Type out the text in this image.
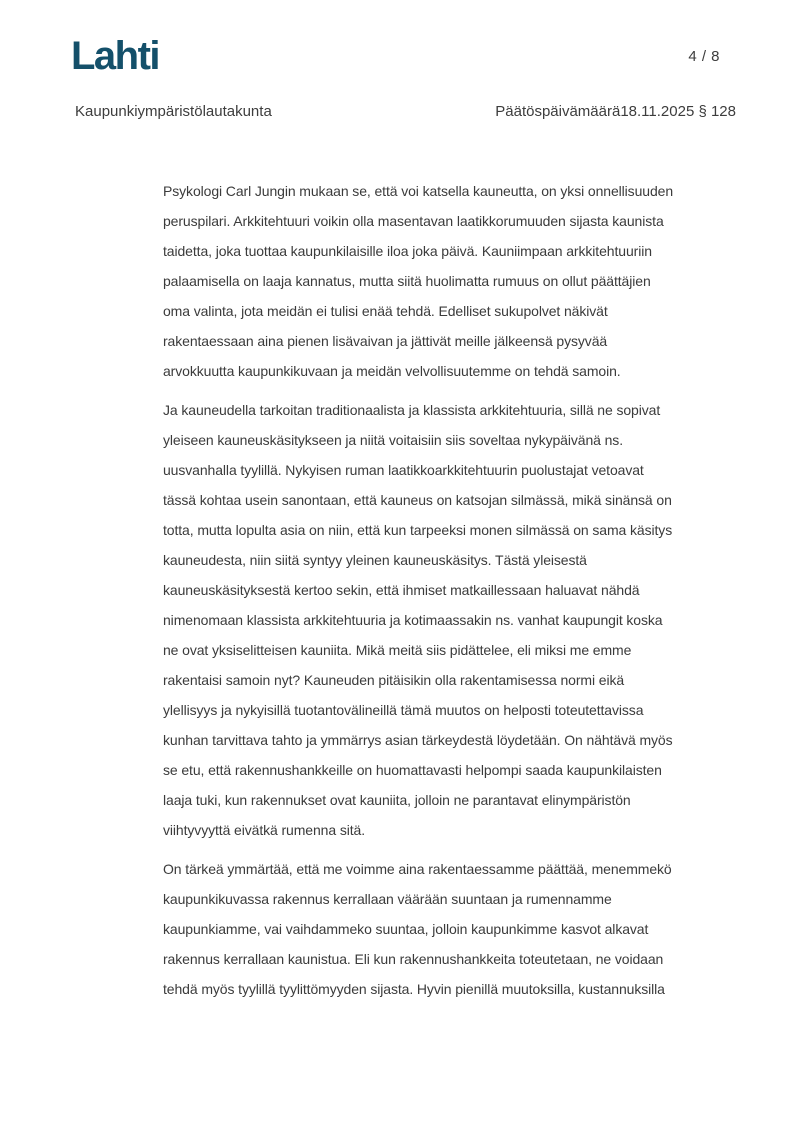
Lahti	4 / 8
Kaupunkiympäristölautakunta	Päätöspäivämäärä18.11.2025 § 128
Psykologi Carl Jungin mukaan se, että voi katsella kauneutta, on yksi onnellisuuden
peruspilari. Arkkitehtuuri voikin olla masentavan laatikkorumuuden sijasta kaunista
taidetta, joka tuottaa kaupunkilaisille iloa joka päivä. Kauniimpaan arkkitehtuuriin
palaamisella on laaja kannatus, mutta siitä huolimatta rumuus on ollut päättäjien
oma valinta, jota meidän ei tulisi enää tehdä. Edelliset sukupolvet näkivät
rakentaessaan aina pienen lisävaivan ja jättivät meille jälkeensä pysyvää
arvokkuutta kaupunkikuvaan ja meidän velvollisuutemme on tehdä samoin.
Ja kauneudella tarkoitan traditionaalista ja klassista arkkitehtuuria, sillä ne sopivat
yleiseen kauneuskäsitykseen ja niitä voitaisiin siis soveltaa nykypäivänä ns.
uusvanhalla tyylillä. Nykyisen ruman laatikkoarkkitehtuurin puolustajat vetoavat
tässä kohtaa usein sanontaan, että kauneus on katsojan silmässä, mikä sinänsä on
totta, mutta lopulta asia on niin, että kun tarpeeksi monen silmässä on sama käsitys
kauneudesta, niin siitä syntyy yleinen kauneuskäsitys. Tästä yleisestä
kauneuskäsityksestä kertoo sekin, että ihmiset matkaillessaan haluavat nähdä
nimenomaan klassista arkkitehtuuria ja kotimaassakin ns. vanhat kaupungit koska
ne ovat yksiselitteisen kauniita. Mikä meitä siis pidättelee, eli miksi me emme
rakentaisi samoin nyt? Kauneuden pitäisikin olla rakentamisessa normi eikä
ylellisyys ja nykyisillä tuotantovälineillä tämä muutos on helposti toteutettavissa
kunhan tarvittava tahto ja ymmärrys asian tärkeydestä löydetään. On nähtävä myös
se etu, että rakennushankkeille on huomattavasti helpompi saada kaupunkilaisten
laaja tuki, kun rakennukset ovat kauniita, jolloin ne parantavat elinympäristön
viihtyvyyttä eivätkä rumenna sitä.
On tärkeä ymmärtää, että me voimme aina rakentaessamme päättää, menemmekö
kaupunkikuvassa rakennus kerrallaan väärään suuntaan ja rumennamme
kaupunkiamme, vai vaihdammeko suuntaa, jolloin kaupunkimme kasvot alkavat
rakennus kerrallaan kaunistua. Eli kun rakennushankkeita toteutetaan, ne voidaan
tehdä myös tyylillä tyylittömyyden sijasta. Hyvin pienillä muutoksilla, kustannuksilla
